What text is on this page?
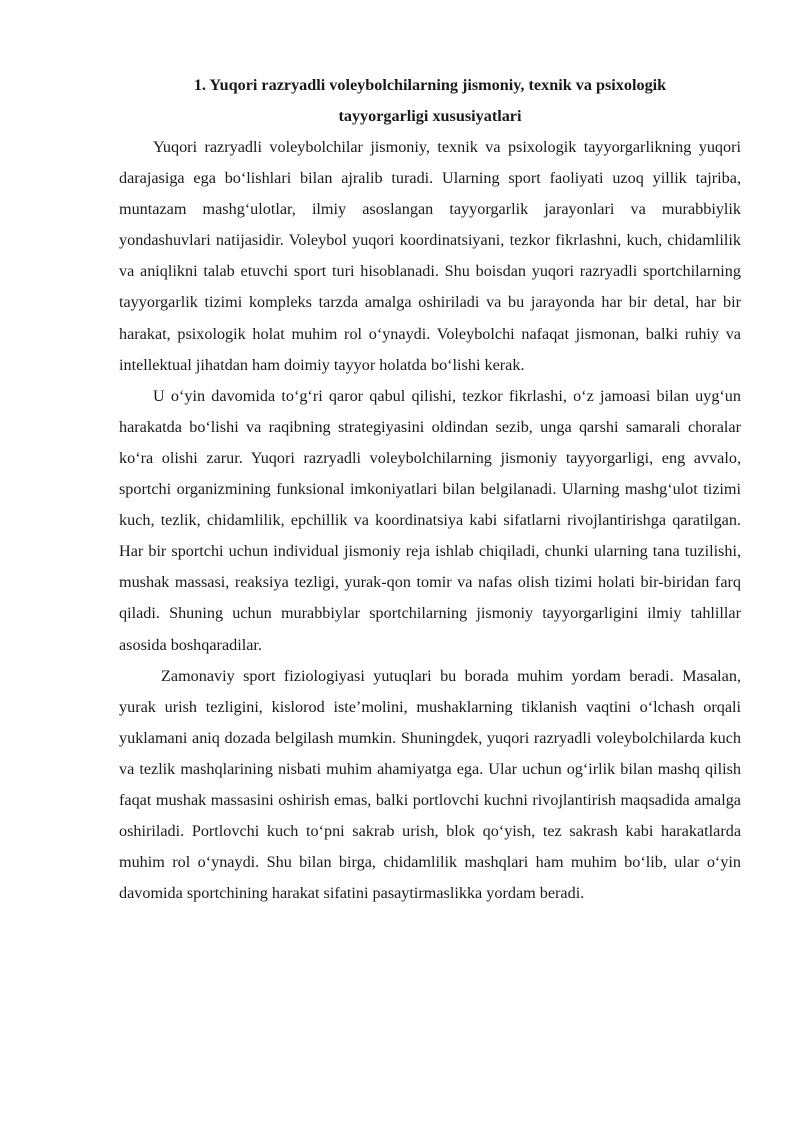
1. Yuqori razryadli voleybolchilarning jismoniy, texnik va psixologik
tayyorgarligi xususiyatlari

Yuqori razryadli voleybolchilar jismoniy, texnik va psixologik tayyorgarlikning yuqori darajasiga ega bo‘lishlari bilan ajralib turadi. Ularning sport faoliyati uzoq yillik tajriba, muntazam mashg‘ulotlar, ilmiy asoslangan tayyorgarlik jarayonlari va murabbiylik yondashuvlari natijasidir. Voleybol yuqori koordinatsiyani, tezkor fikrlashni, kuch, chidamlilik va aniqlikni talab etuvchi sport turi hisoblanadi. Shu boisdan yuqori razryadli sportchilarning tayyorgarlik tizimi kompleks tarzda amalga oshiriladi va bu jarayonda har bir detal, har bir harakat, psixologik holat muhim rol o‘ynaydi. Voleybolchi nafaqat jismonan, balki ruhiy va intellektual jihatdan ham doimiy tayyor holatda bo‘lishi kerak.

U o‘yin davomida to‘g‘ri qaror qabul qilishi, tezkor fikrlashi, o‘z jamoasi bilan uyg‘un harakatda bo‘lishi va raqibning strategiyasini oldindan sezib, unga qarshi samarali choralar ko‘ra olishi zarur. Yuqori razryadli voleybolchilarning jismoniy tayyorgarligi, eng avvalo, sportchi organizmining funksional imkoniyatlari bilan belgilanadi. Ularning mashg‘ulot tizimi kuch, tezlik, chidamlilik, epchillik va koordinatsiya kabi sifatlarni rivojlantirishga qaratilgan. Har bir sportchi uchun individual jismoniy reja ishlab chiqiladi, chunki ularning tana tuzilishi, mushak massasi, reaksiya tezligi, yurak-qon tomir va nafas olish tizimi holati bir-biridan farq qiladi. Shuning uchun murabbiylar sportchilarning jismoniy tayyorgarligini ilmiy tahlillar asosida boshqaradilar.

Zamonaviy sport fiziologiyasi yutuqlari bu borada muhim yordam beradi. Masalan, yurak urish tezligini, kislorod iste’molini, mushaklarning tiklanish vaqtini o‘lchash orqali yuklamani aniq dozada belgilash mumkin. Shuningdek, yuqori razryadli voleybolchilarda kuch va tezlik mashqlarining nisbati muhim ahamiyatga ega. Ular uchun og‘irlik bilan mashq qilish faqat mushak massasini oshirish emas, balki portlovchi kuchni rivojlantirish maqsadida amalga oshiriladi. Portlovchi kuch to‘pni sakrab urish, blok qo‘yish, tez sakrash kabi harakatlarda muhim rol o‘ynaydi. Shu bilan birga, chidamlilik mashqlari ham muhim bo‘lib, ular o‘yin davomida sportchining harakat sifatini pasaytirmaslikka yordam beradi.
